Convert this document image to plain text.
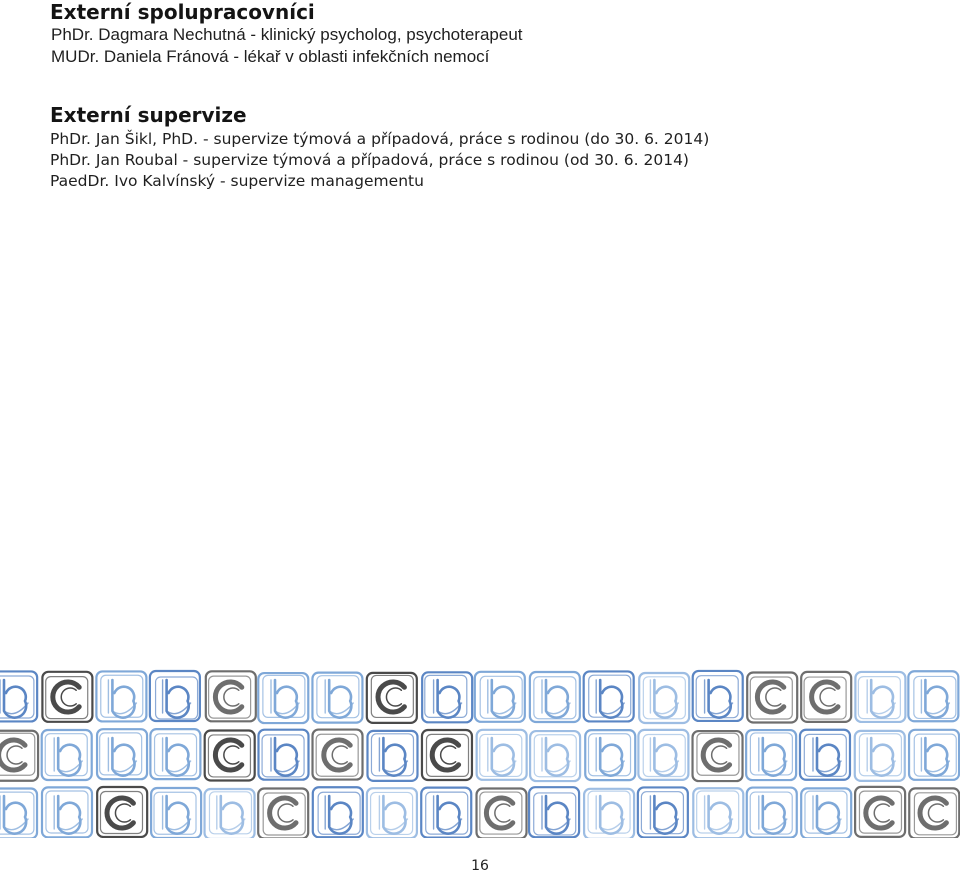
Externí spolupracovníci
PhDr. Dagmara Nechutná - klinický psycholog, psychoterapeut
MUDr. Daniela Fránová - lékař v oblasti infekčních nemocí
Externí supervize
PhDr. Jan Šikl, PhD. - supervize týmová a případová, práce s rodinou (do 30. 6. 2014)
PhDr. Jan Roubal - supervize týmová a případová, práce s rodinou (od 30. 6. 2014)
PaedDr. Ivo Kalvínský - supervize managementu
16
